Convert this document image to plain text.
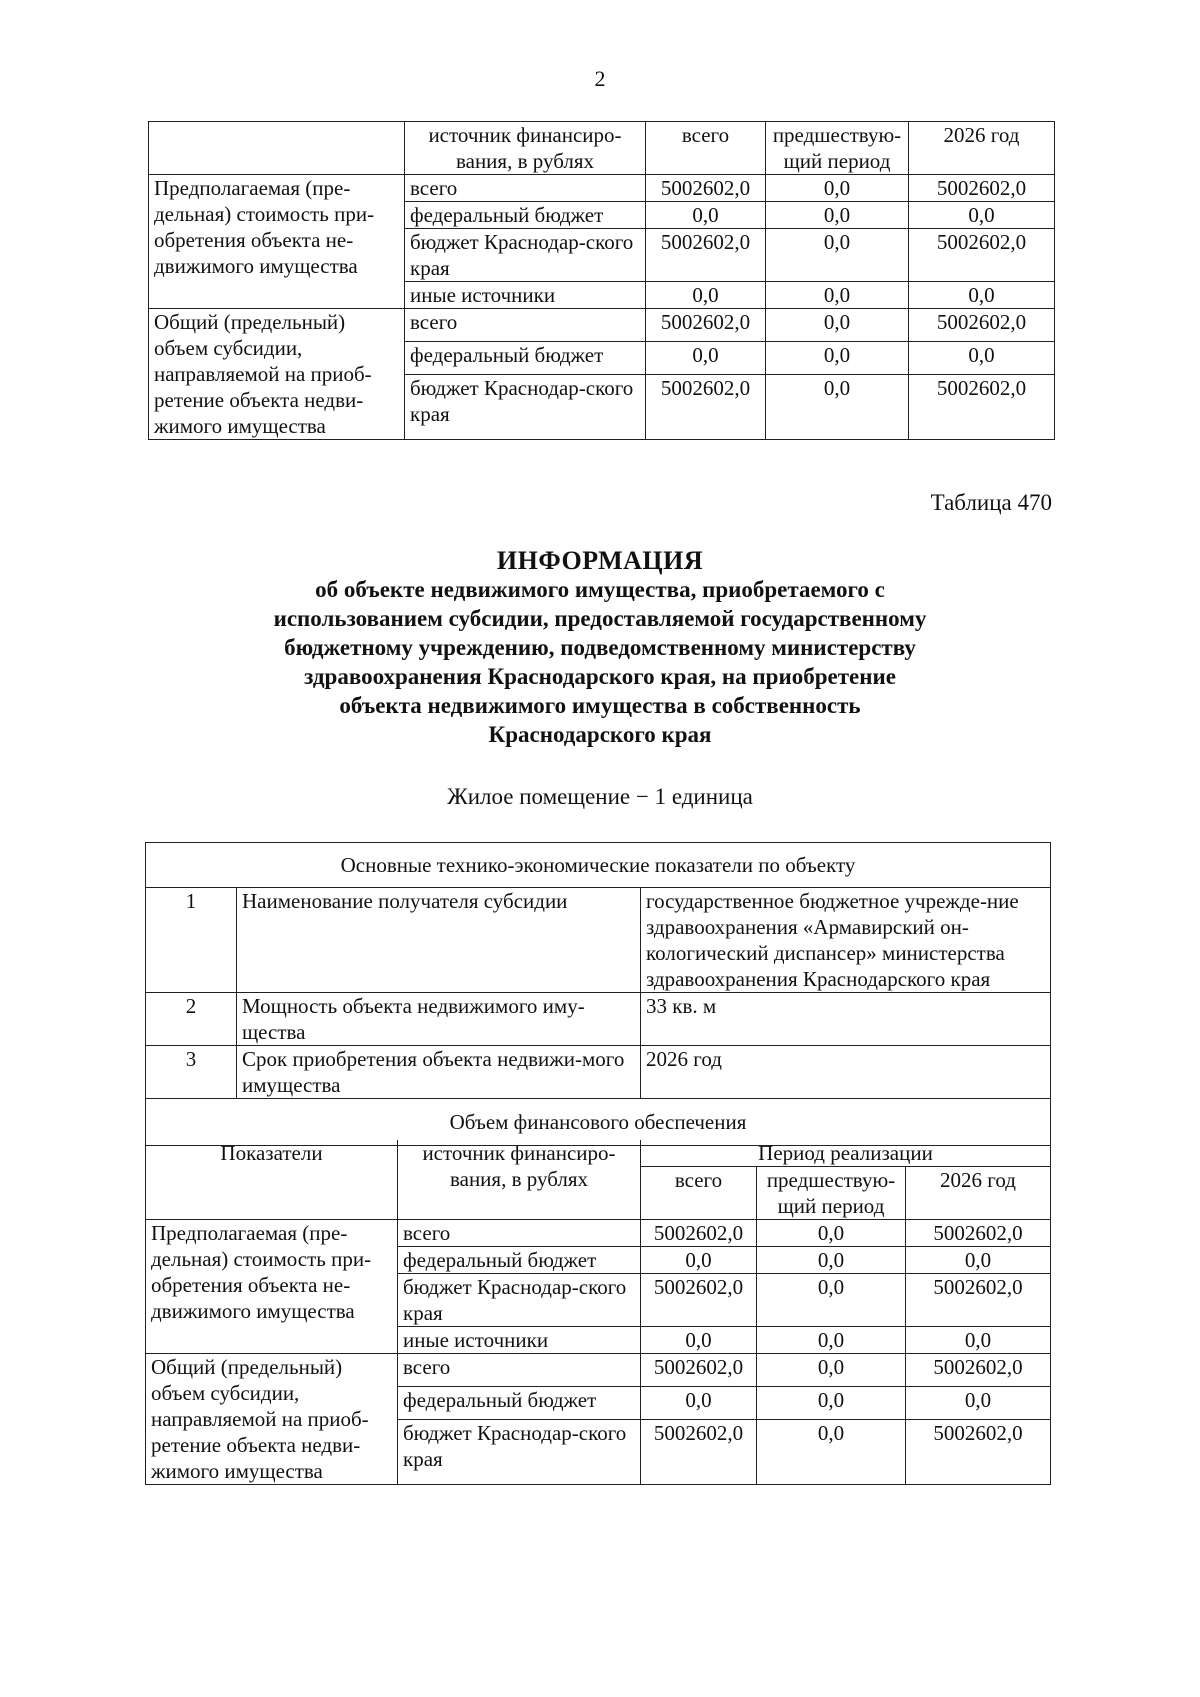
2
	источник финансиро-вания, в рублях	всего	предшествую-щий период	2026 год
Предполагаемая (пре-дельная) стоимость при-обретения объекта не-движимого имущества	всего	5002602,0	0,0	5002602,0
	федеральный бюджет	0,0	0,0	0,0
	бюджет Краснодар-ского края	5002602,0	0,0	5002602,0
	иные источники	0,0	0,0	0,0
Общий (предельный) объем субсидии, направляемой на приоб-ретение объекта недви-жимого имущества	всего	5002602,0	0,0	5002602,0
	федеральный бюджет	0,0	0,0	0,0
	бюджет Краснодар-ского края	5002602,0	0,0	5002602,0
Таблица 470
ИНФОРМАЦИЯ
об объекте недвижимого имущества, приобретаемого с
использованием субсидии, предоставляемой государственному
бюджетному учреждению, подведомственному министерству
здравоохранения Краснодарского края, на приобретение
объекта недвижимого имущества в собственность
Краснодарского края
Жилое помещение − 1 единица
Основные технико-экономические показатели по объекту		
1	Наименование получателя субсидии	государственное бюджетное учрежде-ние здравоохранения «Армавирский он-кологический диспансер» министерства здравоохранения Краснодарского края
2	Мощность объекта недвижимого иму-щества	33 кв. м
3	Срок приобретения объекта недвижи-мого имущества	2026 год
Объем финансового обеспечения		
Показатели	источник финансиро-вания, в рублях	Период реализации		
		всего	предшествую-щий период	2026 год
Предполагаемая (пре-дельная) стоимость при-обретения объекта не-движимого имущества	всего	5002602,0	0,0	5002602,0
	федеральный бюджет	0,0	0,0	0,0
	бюджет Краснодар-ского края	5002602,0	0,0	5002602,0
	иные источники	0,0	0,0	0,0
Общий (предельный) объем субсидии, направляемой на приоб-ретение объекта недви-жимого имущества	всего	5002602,0	0,0	5002602,0
	федеральный бюджет	0,0	0,0	0,0
	бюджет Краснодар-ского края	5002602,0	0,0	5002602,0
